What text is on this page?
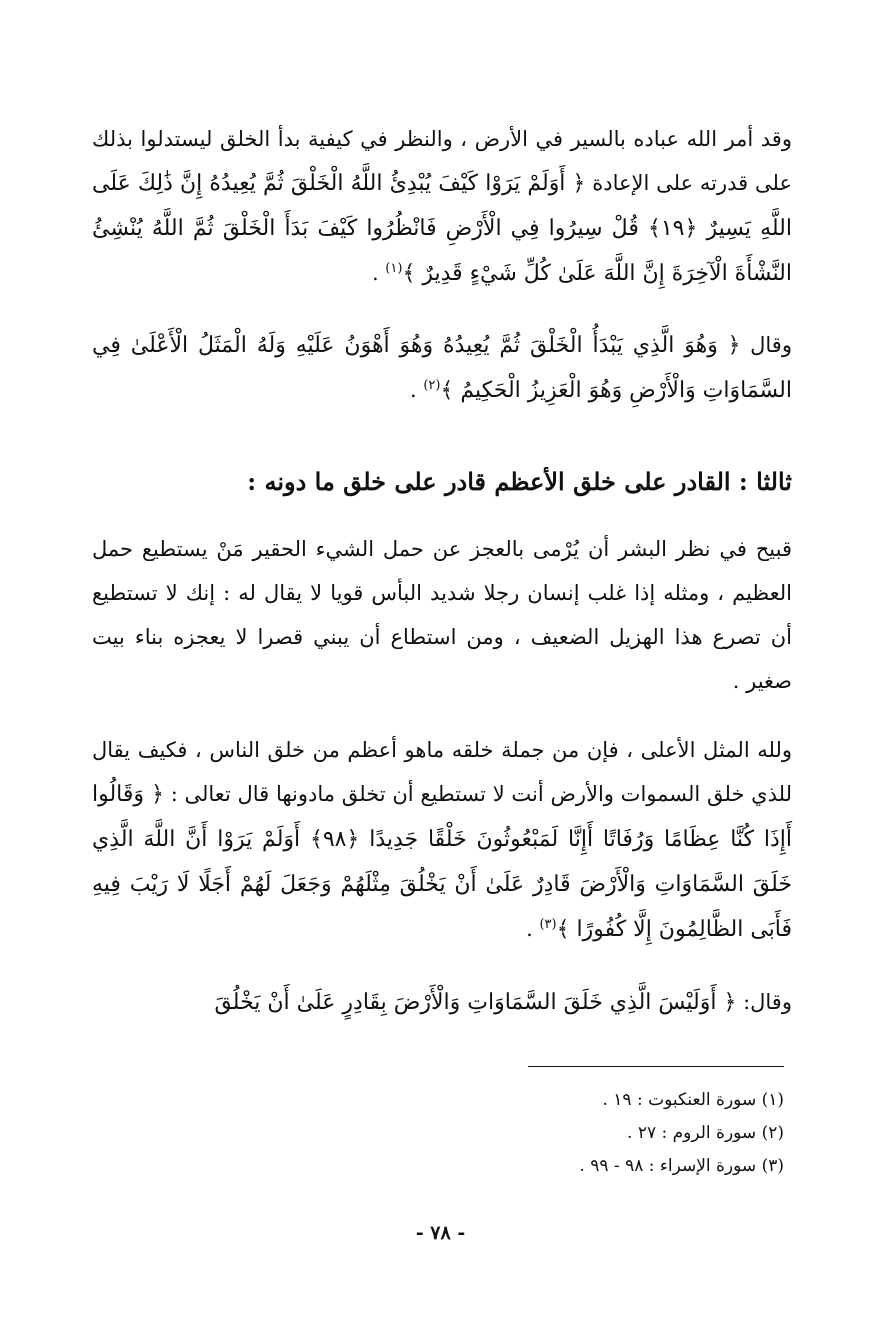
وقد أمر الله عباده بالسير في الأرض ، والنظر في كيفية بدأ الخلق ليستدلوا بذلك على قدرته على الإعادة ﴿ أَوَلَمْ يَرَوْا كَيْفَ يُبْدِئُ اللَّهُ الْخَلْقَ ثُمَّ يُعِيدُهُ إِنَّ ذَٰلِكَ عَلَى اللَّهِ يَسِيرٌ ﴿١٩﴾ قُلْ سِيرُوا فِي الْأَرْضِ فَانْظُرُوا كَيْفَ بَدَأَ الْخَلْقَ ثُمَّ اللَّهُ يُنْشِئُ النَّشْأَةَ الْآخِرَةَ إِنَّ اللَّهَ عَلَىٰ كُلِّ شَيْءٍ قَدِيرٌ ﴾$^{(١)}$ .
وقال ﴿ وَهُوَ الَّذِي يَبْدَأُ الْخَلْقَ ثُمَّ يُعِيدُهُ وَهُوَ أَهْوَنُ عَلَيْهِ وَلَهُ الْمَثَلُ الْأَعْلَىٰ فِي السَّمَاوَاتِ وَالْأَرْضِ وَهُوَ الْعَزِيزُ الْحَكِيمُ ﴾$^{(٢)}$ .
ثالثا : القادر على خلق الأعظم قادر على خلق ما دونه :
قبيح في نظر البشر أن يُرْمى بالعجز عن حمل الشيء الحقير مَنْ يستطيع حمل العظيم ، ومثله إذا غلب إنسان رجلا شديد البأس قويا لا يقال له : إنك لا تستطيع أن تصرع هذا الهزيل الضعيف ، ومن استطاع أن يبني قصرا لا يعجزه بناء بيت صغير .
ولله المثل الأعلى ، فإن من جملة خلقه ماهو أعظم من خلق الناس ، فكيف يقال للذي خلق السموات والأرض أنت لا تستطيع أن تخلق مادونها قال تعالى : ﴿ وَقَالُوا أَإِذَا كُنَّا عِظَامًا وَرُفَاتًا أَإِنَّا لَمَبْعُوثُونَ خَلْقًا جَدِيدًا ﴿٩٨﴾ أَوَلَمْ يَرَوْا أَنَّ اللَّهَ الَّذِي خَلَقَ السَّمَاوَاتِ وَالْأَرْضَ قَادِرٌ عَلَىٰ أَنْ يَخْلُقَ مِثْلَهُمْ وَجَعَلَ لَهُمْ أَجَلًا لَا رَيْبَ فِيهِ فَأَبَى الظَّالِمُونَ إِلَّا كُفُورًا ﴾$^{(٣)}$ .
وقال: ﴿ أَوَلَيْسَ الَّذِي خَلَقَ السَّمَاوَاتِ وَالْأَرْضَ بِقَادِرٍ عَلَىٰ أَنْ يَخْلُقَ
(١) سورة العنكبوت : ١٩ .
(٢) سورة الروم : ٢٧ .
(٣) سورة الإسراء : ٩٨ - ٩٩ .
- ٧٨ -
